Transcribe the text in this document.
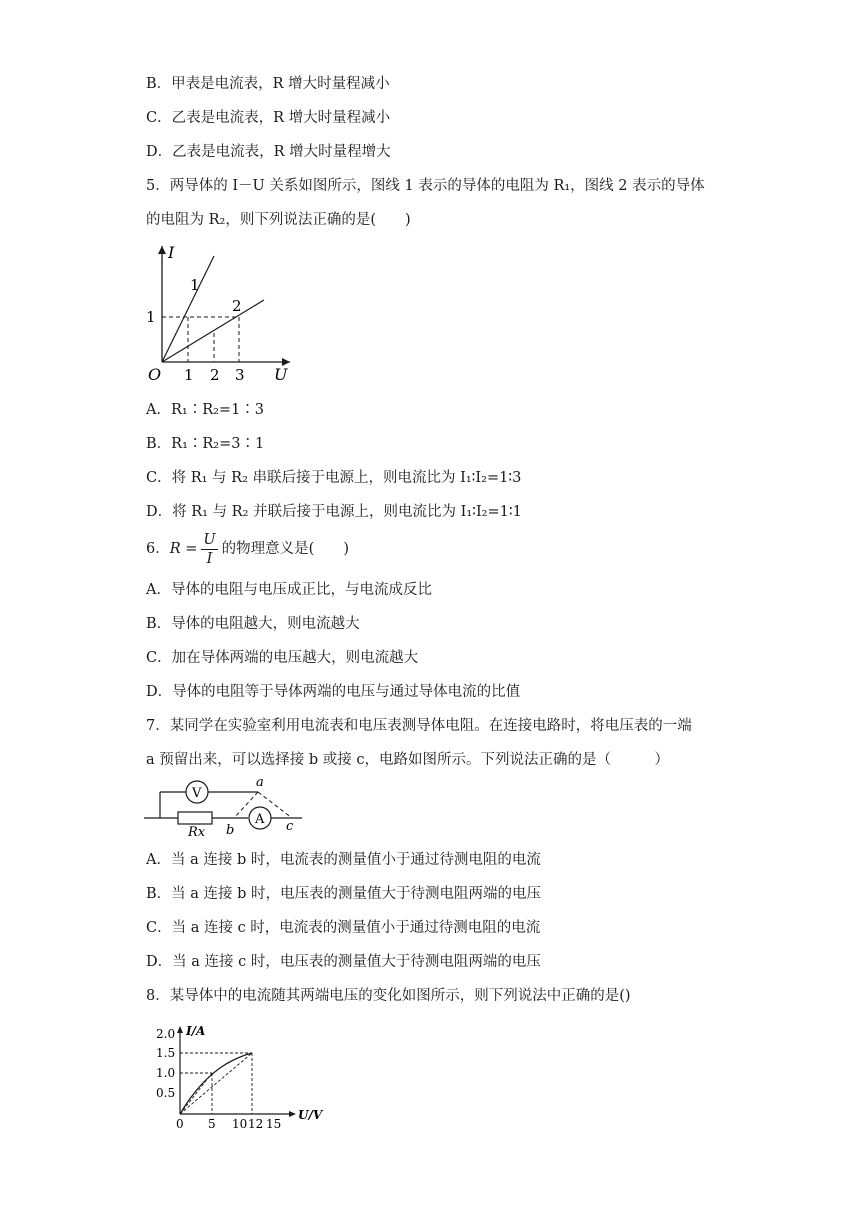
B．甲表是电流表，R 增大时量程减小
C．乙表是电流表，R 增大时量程减小
D．乙表是电流表，R 增大时量程增大
5．两导体的 I－U 关系如图所示，图线 1 表示的导体的电阻为 R₁，图线 2 表示的导体
的电阻为 R₂，则下列说法正确的是(　　)
I
U
O 1 2 3
1
1
2
A．R₁∶R₂=1∶3
B．R₁∶R₂=3∶1
C．将 R₁ 与 R₂ 串联后接于电源上，则电流比为 I₁∶I₂=1∶3
D．将 R₁ 与 R₂ 并联后接于电源上，则电流比为 I₁∶I₂=1∶1
6．$R = \frac{U}{I}$ 的物理意义是(　　)
A．导体的电阻与电压成正比，与电流成反比
B．导体的电阻越大，则电流越大
C．加在导体两端的电压越大，则电流越大
D．导体的电阻等于导体两端的电压与通过导体电流的比值
7．某同学在实验室利用电流表和电压表测导体电阻。在连接电路时，将电压表的一端
a 预留出来，可以选择接 b 或接 c，电路如图所示。下列说法正确的是（　　　）
V
A
Rx
a
b	c
A．当 a 连接 b 时，电流表的测量值小于通过待测电阻的电流
B．当 a 连接 b 时，电压表的测量值大于待测电阻两端的电压
C．当 a 连接 c 时，电流表的测量值小于通过待测电阻的电流
D．当 a 连接 c 时，电压表的测量值大于待测电阻两端的电压
8．某导体中的电流随其两端电压的变化如图所示，则下列说法中正确的是()
I/A
U/V
2.0
1.5
1.0
0.5
0 5 10 12 15
